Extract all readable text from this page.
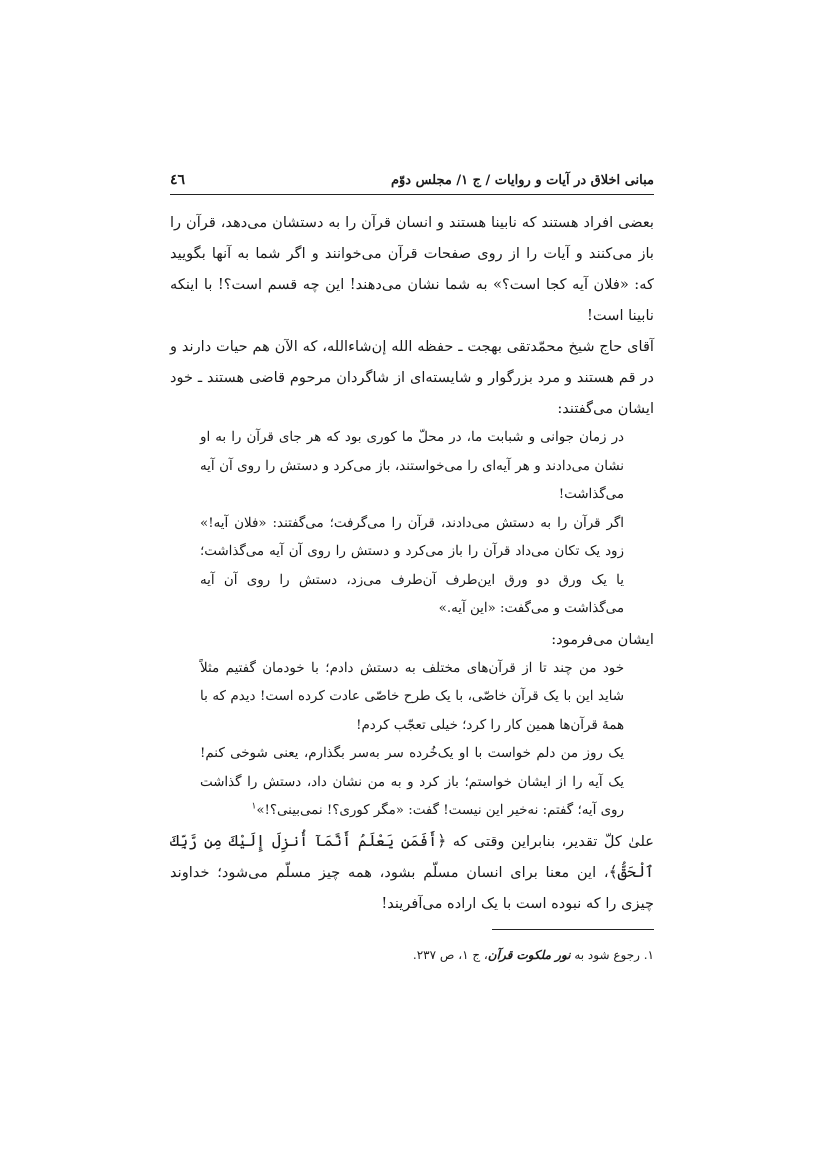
مبانی اخلاق در آیات و روایات / ج ۱/ مجلس دوّم
٤٦

بعضی افراد هستند که نابینا هستند و انسان قرآن را به دستشان می‌دهد، قرآن را باز می‌کنند و آیات را از روی صفحات قرآن می‌خوانند و اگر شما به آنها بگویید که: «فلان آیه کجا است؟» به شما نشان می‌دهند! این چه قسم است؟! با اینکه نابینا است!

آقای حاج شیخ محمّدتقی بهجت ـ حفظه الله إن‌شاءالله، که الآن هم حیات دارند و در قم هستند و مرد بزرگوار و شایسته‌ای از شاگردان مرحوم قاضی هستند ـ خود ایشان می‌گفتند:

در زمان جوانی و شبابت ما، در محلّ ما کوری بود که هر جای قرآن را به او نشان می‌دادند و هر آیه‌ای را می‌خواستند، باز می‌کرد و دستش را روی آن آیه می‌گذاشت!

اگر قرآن را به دستش می‌دادند، قرآن را می‌گرفت؛ می‌گفتند: «فلان آیه!» زود یک تکان می‌داد قرآن را باز می‌کرد و دستش را روی آن آیه می‌گذاشت؛ یا یک ورق دو ورق این‌طرف آن‌طرف می‌زد، دستش را روی آن آیه می‌گذاشت و می‌گفت: «این آیه.»

ایشان می‌فرمود:

خود من چند تا از قرآن‌های مختلف به دستش دادم؛ با خودمان گفتیم مثلاً شاید این با یک قرآن خاصّی، با یک طرح خاصّی عادت کرده است! دیدم که با همهٔ قرآن‌ها همین کار را کرد؛ خیلی تعجّب کردم!

یک روز من دلم خواست با او یک‌خُرده سر به‌سر بگذارم، یعنی شوخی کنم! یک آیه را از ایشان خواستم؛ باز کرد و به من نشان داد، دستش را گذاشت روی آیه؛ گفتم: نه‌خیر این نیست! گفت: «مگر کوری؟! نمی‌بینی؟!»$^۱$

علیٰ کلّ تقدیر، بنابراین وقتی که ﴿أَفَمَن يَعْلَمُ أَنَّمَآ أُنزِلَ إِلَيْكَ مِن رَّبِّكَ ٱلْحَقُّ﴾، این معنا برای انسان مسلّم بشود، همه چیز مسلّم می‌شود؛ خداوند چیزی را که نبوده است با یک اراده می‌آفریند!

۱. رجوع شود به نور ملکوت قرآن، ج ۱، ص ۲۳۷.
